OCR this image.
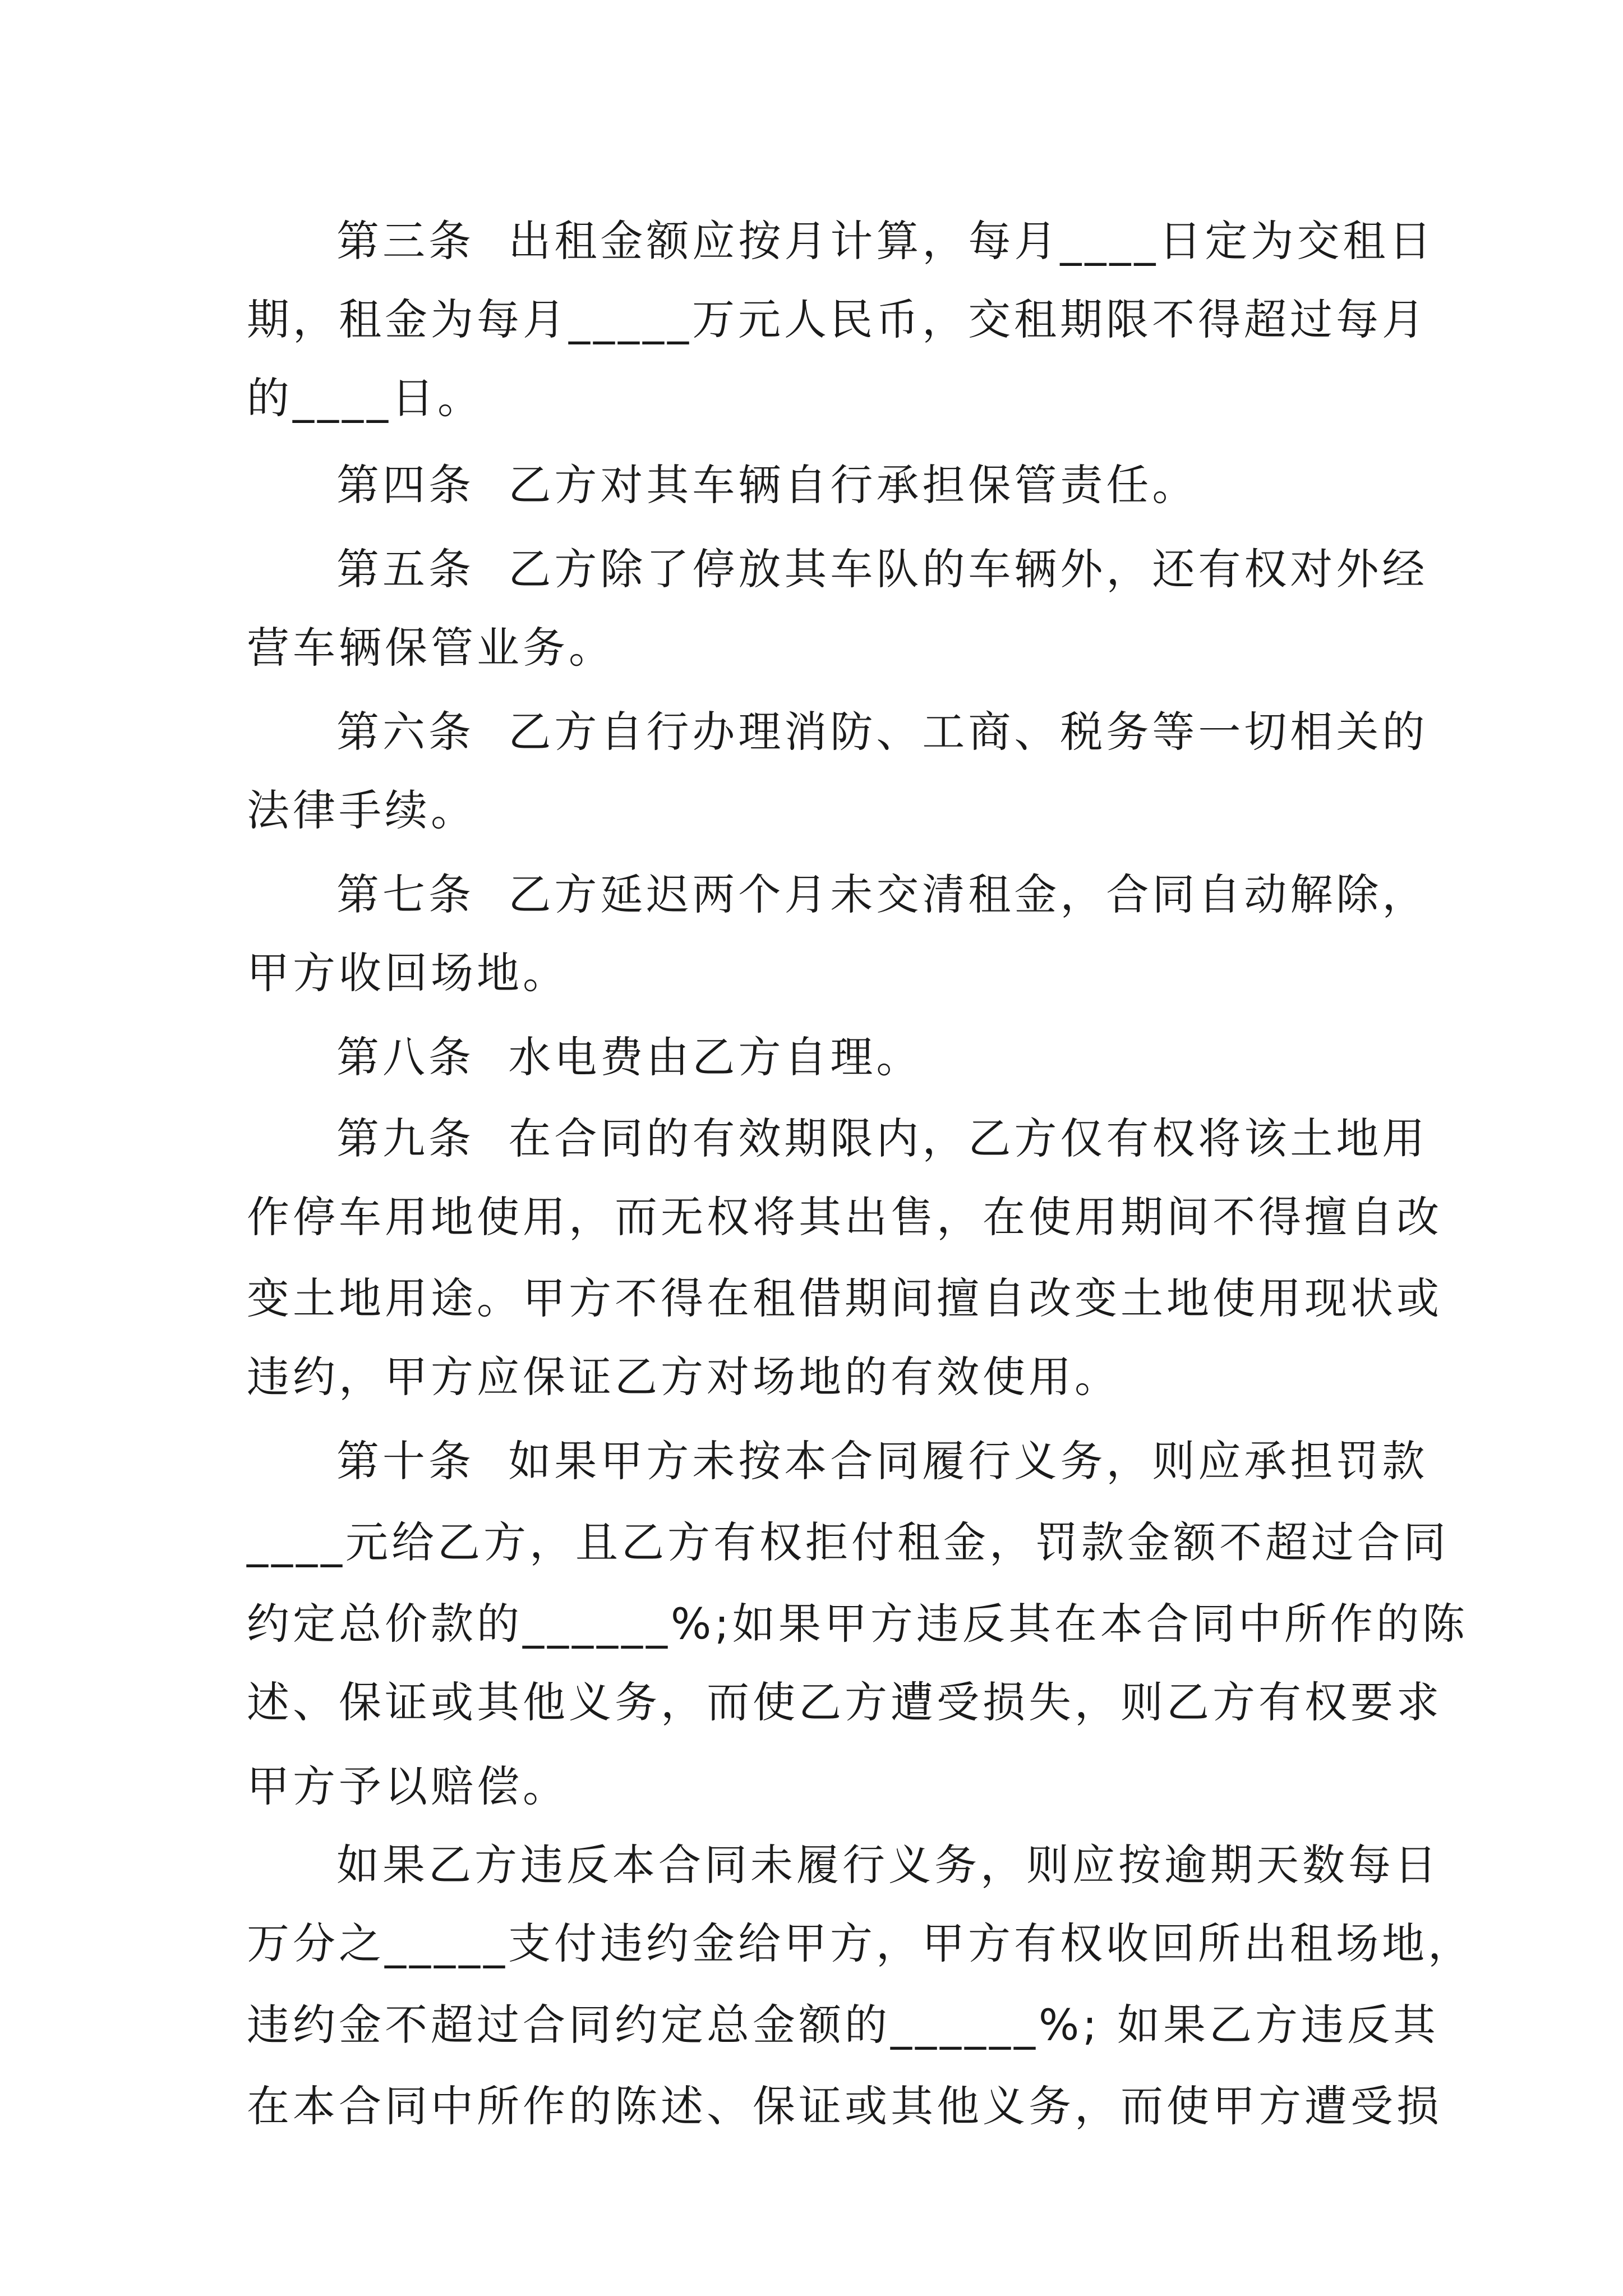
第三条  出租金额应按月计算，每月____日定为交租日
期，租金为每月_____万元人民币，交租期限不得超过每月
的____日。
第四条  乙方对其车辆自行承担保管责任。
第五条  乙方除了停放其车队的车辆外，还有权对外经
营车辆保管业务。
第六条  乙方自行办理消防、工商、税务等一切相关的
法律手续。
第七条  乙方延迟两个月未交清租金，合同自动解除，
甲方收回场地。
第八条  水电费由乙方自理。
第九条  在合同的有效期限内，乙方仅有权将该土地用
作停车用地使用，而无权将其出售，在使用期间不得擅自改
变土地用途。甲方不得在租借期间擅自改变土地使用现状或
违约，甲方应保证乙方对场地的有效使用。
第十条  如果甲方未按本合同履行义务，则应承担罚款
____元给乙方，且乙方有权拒付租金，罚款金额不超过合同
约定总价款的______%;如果甲方违反其在本合同中所作的陈
述、保证或其他义务，而使乙方遭受损失，则乙方有权要求
甲方予以赔偿。
如果乙方违反本合同未履行义务，则应按逾期天数每日
万分之_____支付违约金给甲方，甲方有权收回所出租场地，
违约金不超过合同约定总金额的______%; 如果乙方违反其
在本合同中所作的陈述、保证或其他义务，而使甲方遭受损
